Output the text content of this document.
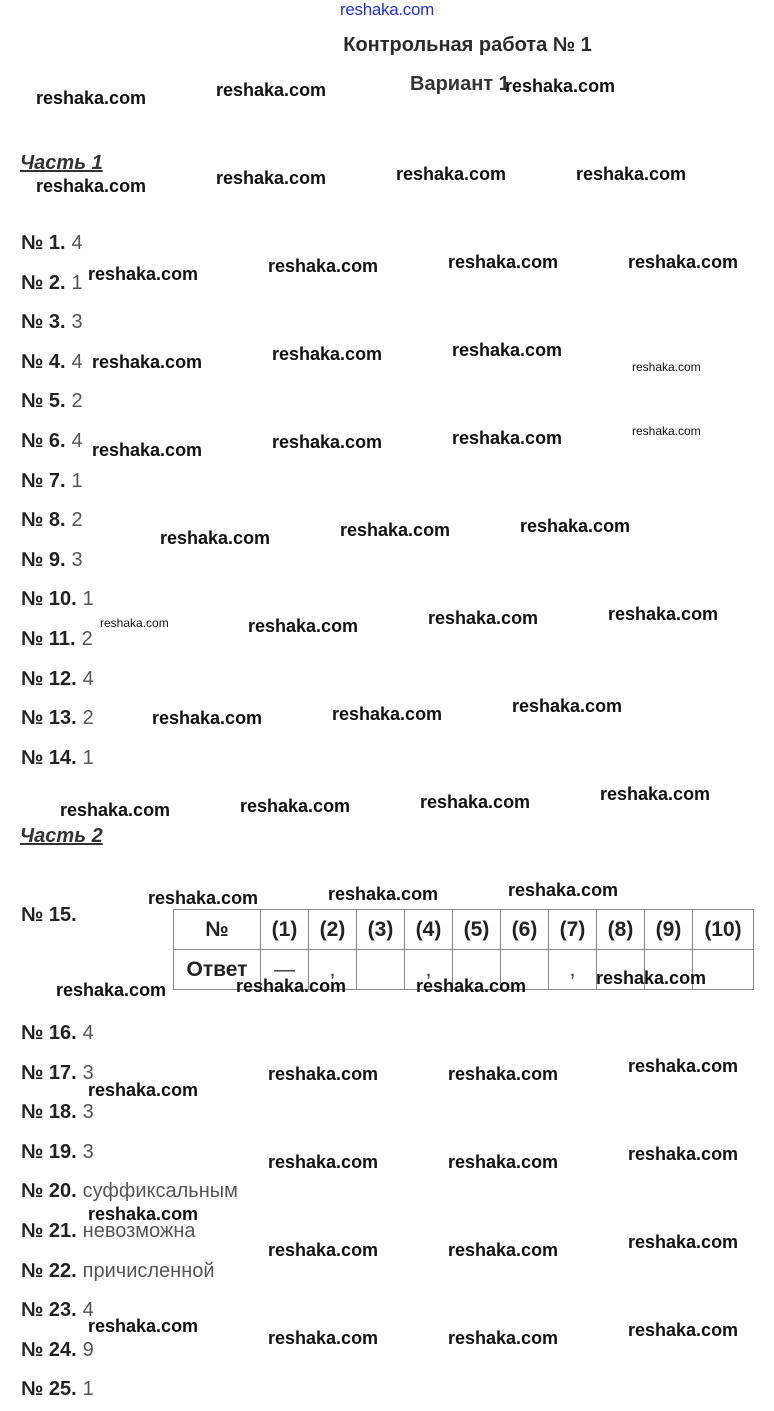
reshaka.com
Контрольная работа № 1
Вариант 1
Часть 1
№ 1. 4
№ 2. 1
№ 3. 3
№ 4. 4
№ 5. 2
№ 6. 4
№ 7. 1
№ 8. 2
№ 9. 3
№ 10. 1
№ 11. 2
№ 12. 4
№ 13. 2
№ 14. 1
Часть 2
№ 15.
№	(1)	(2)	(3)	(4)	(5)	(6)	(7)	(8)	(9)	(10)
Ответ	—	,		,			,			
№ 16. 4
№ 17. 3
№ 18. 3
№ 19. 3
№ 20. суффиксальным
№ 21. невозможна
№ 22. причисленной
№ 23. 4
№ 24. 9
№ 25. 1
reshaka.com	reshaka.com	reshaka.com
reshaka.com	reshaka.com	reshaka.com	reshaka.com
reshaka.com	reshaka.com	reshaka.com	reshaka.com
reshaka.com	reshaka.com	reshaka.com
reshaka.com
reshaka.com	reshaka.com	reshaka.com	reshaka.com
reshaka.com	reshaka.com	reshaka.com
reshaka.com	reshaka.com	reshaka.com	reshaka.com
reshaka.com	reshaka.com	reshaka.com
reshaka.com	reshaka.com	reshaka.com	reshaka.com
reshaka.com	reshaka.com	reshaka.com
reshaka.com	reshaka.com	reshaka.com	reshaka.com
reshaka.com	reshaka.com	reshaka.com
reshaka.com
reshaka.com	reshaka.com	reshaka.com
reshaka.com
reshaka.com	reshaka.com	reshaka.com
reshaka.com
reshaka.com	reshaka.com	reshaka.com
